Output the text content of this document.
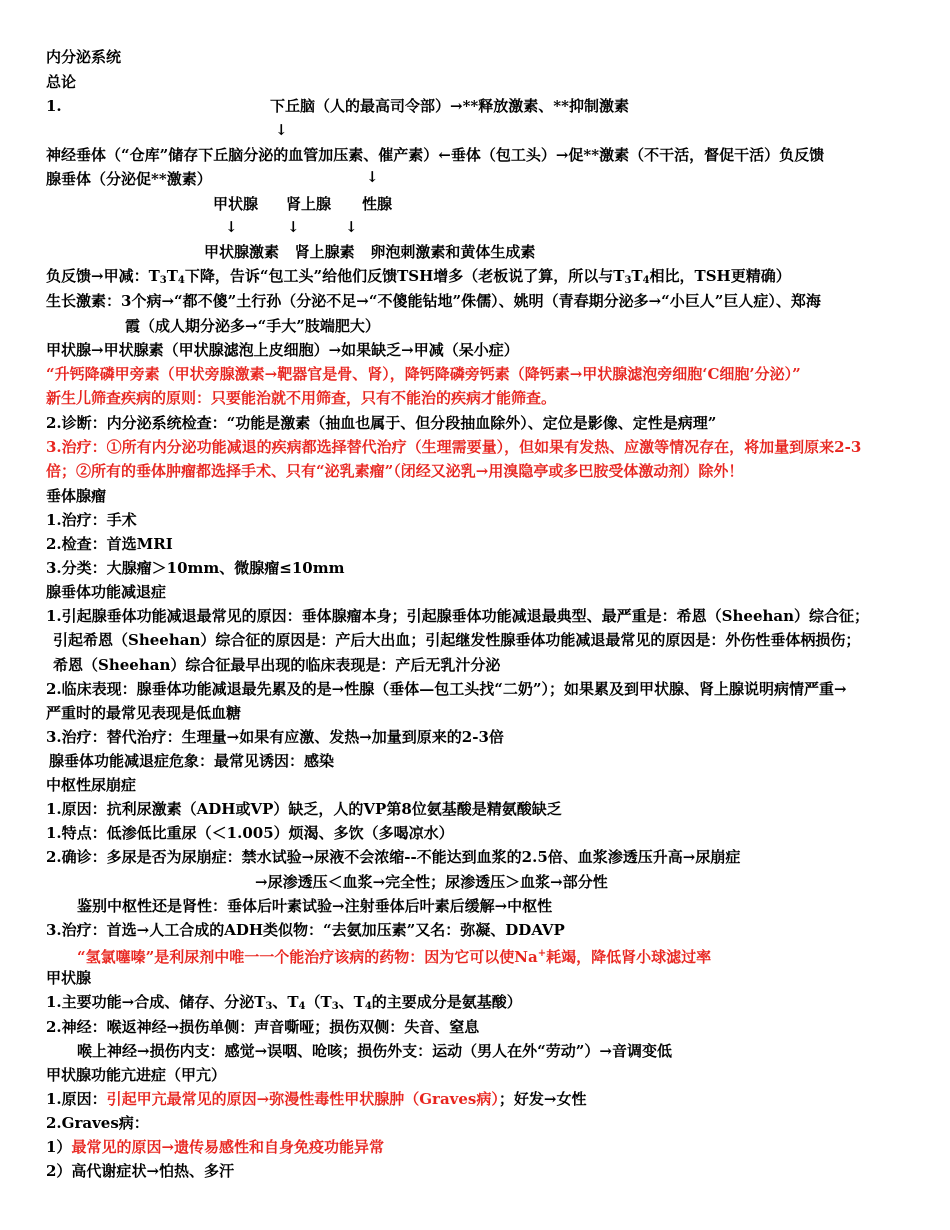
内分泌系统
总论
1.	下丘脑（人的最高司令部）→**释放激素、**抑制激素
↓
神经垂体（“仓库”储存下丘脑分泌的血管加压素、催产素）←垂体（包工头）→促**激素（不干活，督促干活）负反馈
腺垂体（分泌促**激素）	↓
甲状腺 肾上腺 性腺
↓	↓	↓
甲状腺激素   肾上腺素   卵泡刺激素和黄体生成素
负反馈→甲减：$T_3T_4$下降，告诉“包工头”给他们反馈TSH增多（老板说了算，所以与$T_3T_4$相比，TSH更精确）
生长激素：3个病→“都不傻”土行孙（分泌不足→“不傻能钻地”侏儒）、姚明（青春期分泌多→“小巨人”巨人症）、郑海
霞（成人期分泌多→“手大”肢端肥大）
甲状腺→甲状腺素（甲状腺滤泡上皮细胞）→如果缺乏→甲减（呆小症）
“升钙降磷甲旁素（甲状旁腺激素→靶器官是骨、肾），降钙降磷旁钙素（降钙素→甲状腺滤泡旁细胞‘C细胞’分泌）”
新生儿筛查疾病的原则：只要能治就不用筛查，只有不能治的疾病才能筛查。
2.诊断：内分泌系统检查：“功能是激素（抽血也属于、但分段抽血除外）、定位是影像、定性是病理”
3.治疗：①所有内分泌功能减退的疾病都选择替代治疗（生理需要量），但如果有发热、应激等情况存在，将加量到原来2-3
倍；②所有的垂体肿瘤都选择手术、只有“泌乳素瘤”（闭经又泌乳→用溴隐亭或多巴胺受体激动剂）除外！
垂体腺瘤
1.治疗：手术
2.检查：首选MRI
3.分类：大腺瘤＞10mm、微腺瘤≤10mm
腺垂体功能减退症
1.引起腺垂体功能减退最常见的原因：垂体腺瘤本身；引起腺垂体功能减退最典型、最严重是：希恩（Sheehan）综合征；
引起希恩（Sheehan）综合征的原因是：产后大出血；引起继发性腺垂体功能减退最常见的原因是：外伤性垂体柄损伤；
希恩（Sheehan）综合征最早出现的临床表现是：产后无乳汁分泌
2.临床表现：腺垂体功能减退最先累及的是→性腺（垂体—包工头找“二奶”）；如果累及到甲状腺、肾上腺说明病情严重→
严重时的最常见表现是低血糖
3.治疗：替代治疗：生理量→如果有应激、发热→加量到原来的2-3倍
腺垂体功能减退症危象：最常见诱因：感染
中枢性尿崩症
1.原因：抗利尿激素（ADH或VP）缺乏，人的VP第8位氨基酸是精氨酸缺乏
1.特点：低渗低比重尿（＜1.005）烦渴、多饮（多喝凉水）
2.确诊：多尿是否为尿崩症：禁水试验→尿液不会浓缩--不能达到血浆的2.5倍、血浆渗透压升高→尿崩症
→尿渗透压＜血浆→完全性；尿渗透压＞血浆→部分性
鉴别中枢性还是肾性：垂体后叶素试验→注射垂体后叶素后缓解→中枢性
3.治疗：首选→人工合成的ADH类似物：“去氨加压素”又名：弥凝、DDAVP
“氢氯噻嗪”是利尿剂中唯一一个能治疗该病的药物：因为它可以使Na+耗竭，降低肾小球滤过率
甲状腺
1.主要功能→合成、储存、分泌$T_3$、$T_4(T_3$、$T_4$的主要成分是氨基酸）
2.神经：喉返神经→损伤单侧：声音嘶哑；损伤双侧：失音、窒息
喉上神经→损伤内支：感觉→误咽、呛咳；损伤外支：运动（男人在外“劳动”）→音调变低
甲状腺功能亢进症（甲亢）
1.原因：引起甲亢最常见的原因→弥漫性毒性甲状腺肿（Graves病）；好发→女性
2.Graves病：
1）最常见的原因→遗传易感性和自身免疫功能异常
2）高代谢症状→怕热、多汗
